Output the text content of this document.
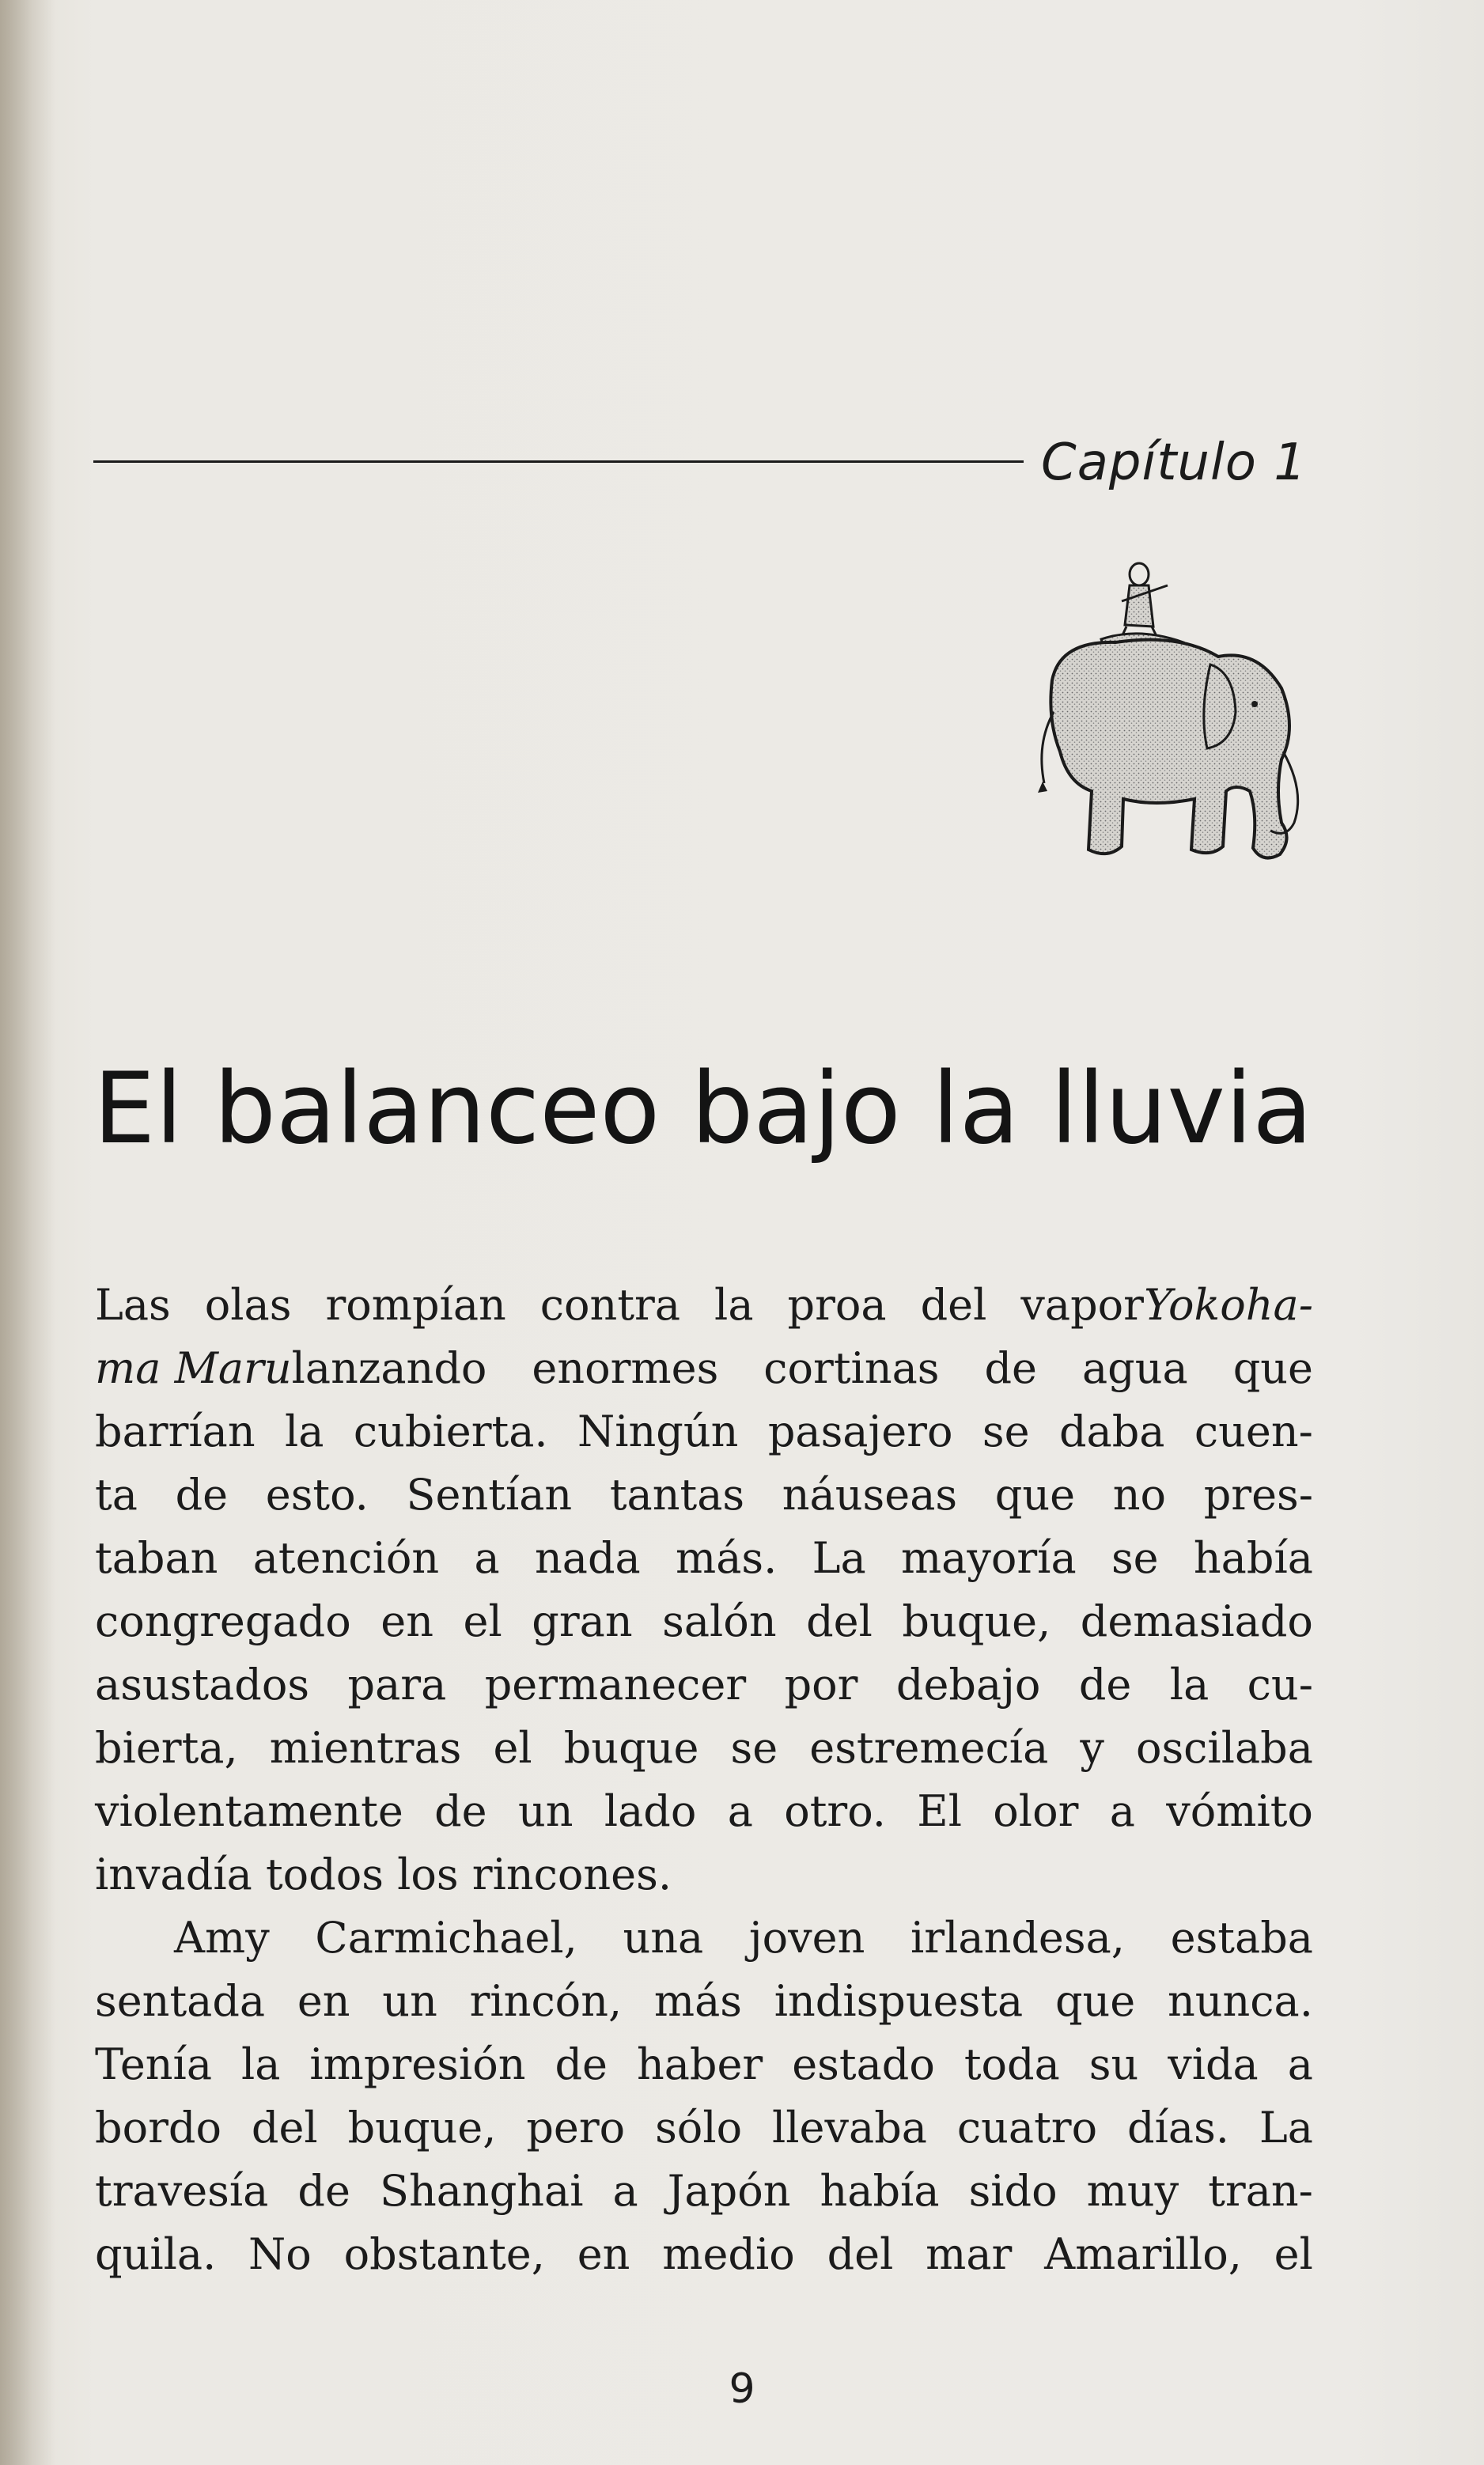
Capítulo 1
El balanceo bajo la lluvia
Las olas rompían contra la proa del vapor Yokoha-
ma Maru lanzando enormes cortinas de agua que
barrían la cubierta. Ningún pasajero se daba cuen-
ta de esto. Sentían tantas náuseas que no pres-
taban atención a nada más. La mayoría se había
congregado en el gran salón del buque, demasiado
asustados para permanecer por debajo de la cu-
bierta, mientras el buque se estremecía y oscilaba
violentamente de un lado a otro. El olor a vómito
invadía todos los rincones.
Amy Carmichael, una joven irlandesa, estaba
sentada en un rincón, más indispuesta que nunca.
Tenía la impresión de haber estado toda su vida a
bordo del buque, pero sólo llevaba cuatro días. La
travesía de Shanghai a Japón había sido muy tran-
quila. No obstante, en medio del mar Amarillo, el
9
